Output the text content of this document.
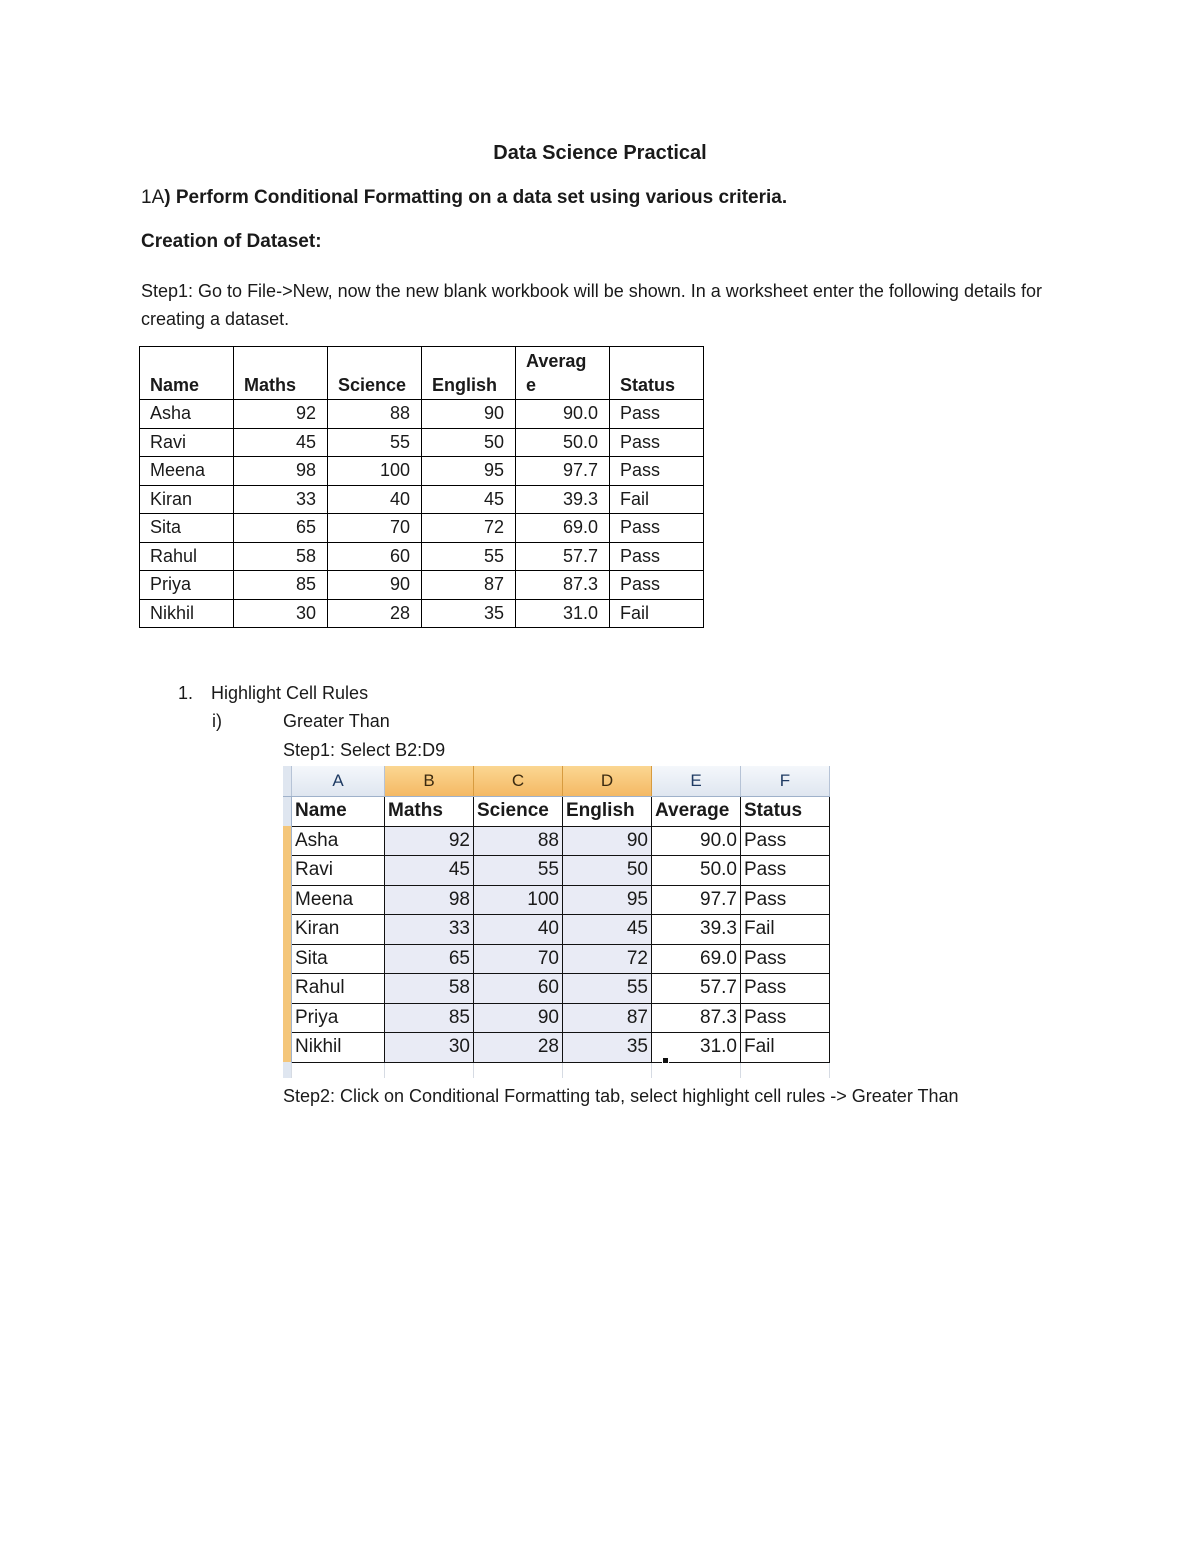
Data Science Practical
1A) Perform Conditional Formatting on a data set using various criteria.
Creation of Dataset:
Step1: Go to File->New, now the new blank workbook will be shown. In a worksheet enter the following details for creating a dataset.
Name	Maths	Science	English	Averag e	Status
Asha	92	88	90	90.0	Pass
Ravi	45	55	50	50.0	Pass
Meena	98	100	95	97.7	Pass
Kiran	33	40	45	39.3	Fail
Sita	65	70	72	69.0	Pass
Rahul	58	60	55	57.7	Pass
Priya	85	90	87	87.3	Pass
Nikhil	30	28	35	31.0	Fail
1. Highlight Cell Rules
i)	Greater Than
Step1: Select B2:D9
	A	B	C	D	E	F
	Name	Maths	Science	English	Average	Status
	Asha	92	88	90	90.0	Pass
	Ravi	45	55	50	50.0	Pass
	Meena	98	100	95	97.7	Pass
	Kiran	33	40	45	39.3	Fail
	Sita	65	70	72	69.0	Pass
	Rahul	58	60	55	57.7	Pass
	Priya	85	90	87	87.3	Pass
	Nikhil	30	28	35	31.0	Fail

Step2: Click on Conditional Formatting tab, select highlight cell rules -> Greater Than
